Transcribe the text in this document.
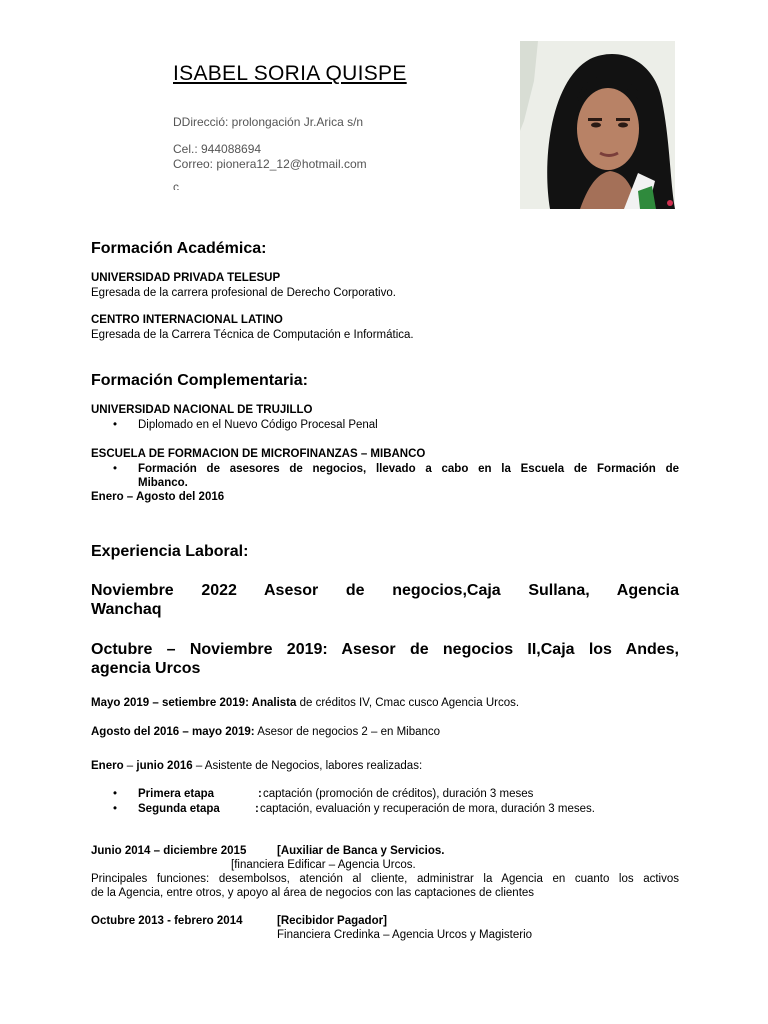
ISABEL SORIA QUISPE
DDirecció: prolongación Jr.Arica s/n
Cel.: 944088694
Correo: pionera12_12@hotmail.com
c
Formación Académica:
UNIVERSIDAD PRIVADA TELESUP
Egresada de la carrera profesional de Derecho Corporativo.
CENTRO INTERNACIONAL LATINO
Egresada de la Carrera Técnica de Computación e Informática.
Formación Complementaria:
UNIVERSIDAD NACIONAL DE TRUJILLO
• Diplomado en el Nuevo Código Procesal Penal
ESCUELA DE FORMACION DE MICROFINANZAS – MIBANCO
• Formación de asesores de negocios, llevado a cabo en la Escuela de Formación de
Mibanco.
Enero – Agosto del 2016
Experiencia Laboral:
Noviembre 2022 Asesor de negocios,Caja Sullana, Agencia
Wanchaq
Octubre – Noviembre 2019: Asesor de negocios II,Caja los Andes,
agencia Urcos
Mayo 2019 – setiembre 2019: Analista de créditos IV, Cmac cusco Agencia Urcos.
Agosto del 2016 – mayo 2019: Asesor de negocios 2 – en Mibanco
Enero – junio 2016 – Asistente de Negocios, labores realizadas:
• Primera etapa	: captación (promoción de créditos), duración 3 meses
• Segunda etapa	: captación, evaluación y recuperación de mora, duración 3 meses.
Junio 2014 – diciembre 2015	[Auxiliar de Banca y Servicios.
[financiera Edificar – Agencia Urcos.
Principales funciones: desembolsos, atención al cliente, administrar la Agencia en cuanto los activos
de la Agencia, entre otros, y apoyo al área de negocios con las captaciones de clientes
Octubre 2013 - febrero 2014	[Recibidor Pagador]
Financiera Credinka – Agencia Urcos y Magisterio
